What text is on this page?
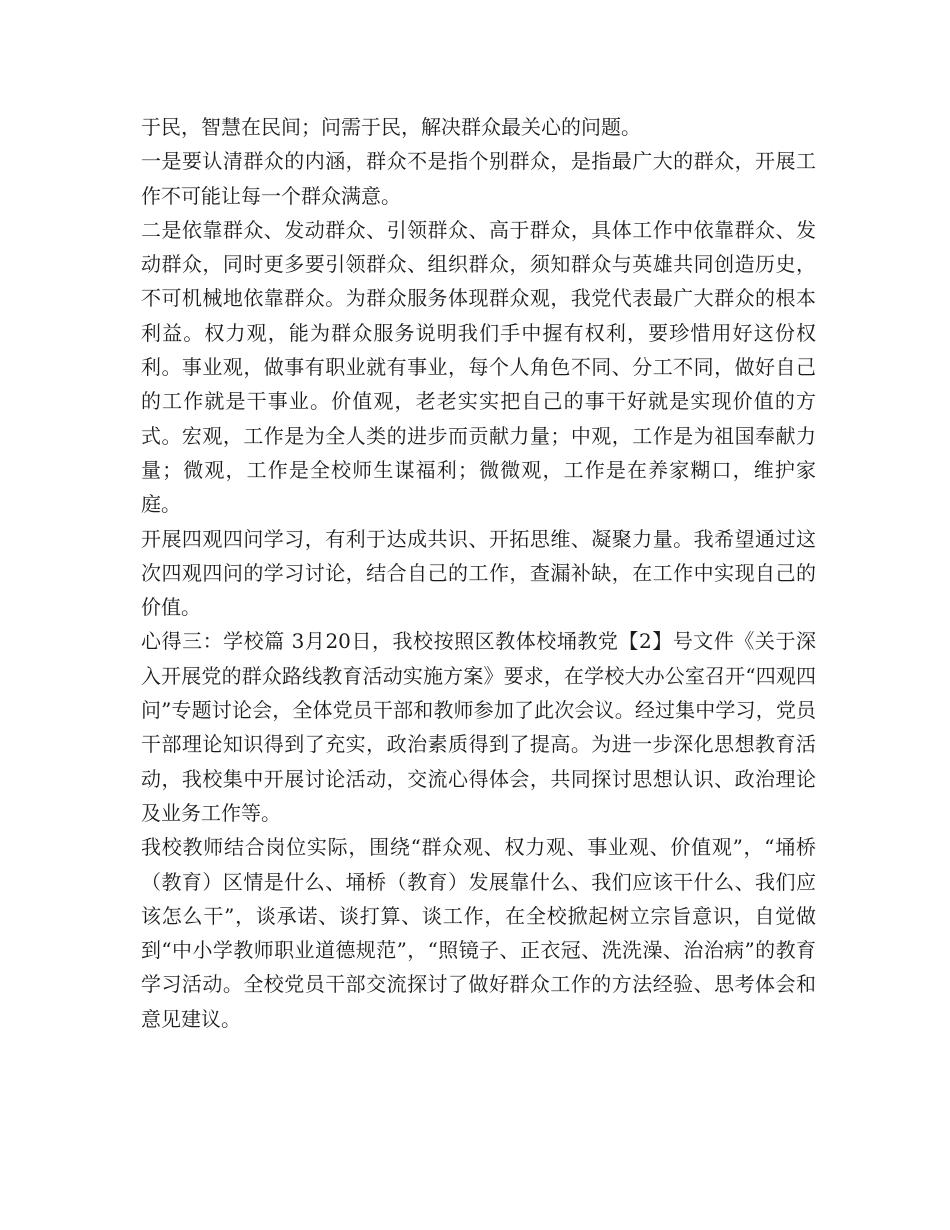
于民，智慧在民间；问需于民，解决群众最关心的问题。

一是要认清群众的内涵，群众不是指个别群众，是指最广大的群众，开展工作不可能让每一个群众满意。

二是依靠群众、发动群众、引领群众、高于群众，具体工作中依靠群众、发动群众，同时更多要引领群众、组织群众，须知群众与英雄共同创造历史，不可机械地依靠群众。为群众服务体现群众观，我党代表最广大群众的根本利益。权力观，能为群众服务说明我们手中握有权利，要珍惜用好这份权利。事业观，做事有职业就有事业，每个人角色不同、分工不同，做好自己的工作就是干事业。价值观，老老实实把自己的事干好就是实现价值的方式。宏观，工作是为全人类的进步而贡献力量；中观，工作是为祖国奉献力量；微观，工作是全校师生谋福利；微微观，工作是在养家糊口，维护家庭。

开展四观四问学习，有利于达成共识、开拓思维、凝聚力量。我希望通过这次四观四问的学习讨论，结合自己的工作，查漏补缺，在工作中实现自己的价值。

心得三：学校篇 3月20日，我校按照区教体校埇教党【2】号文件《关于深入开展党的群众路线教育活动实施方案》要求，在学校大办公室召开“四观四问”专题讨论会，全体党员干部和教师参加了此次会议。经过集中学习，党员干部理论知识得到了充实，政治素质得到了提高。为进一步深化思想教育活动，我校集中开展讨论活动，交流心得体会，共同探讨思想认识、政治理论及业务工作等。

我校教师结合岗位实际，围绕“群众观、权力观、事业观、价值观”，“埇桥（教育）区情是什么、埇桥（教育）发展靠什么、我们应该干什么、我们应该怎么干”，谈承诺、谈打算、谈工作，在全校掀起树立宗旨意识，自觉做到“中小学教师职业道德规范”，“照镜子、正衣冠、洗洗澡、治治病”的教育学习活动。全校党员干部交流探讨了做好群众工作的方法经验、思考体会和意见建议。
